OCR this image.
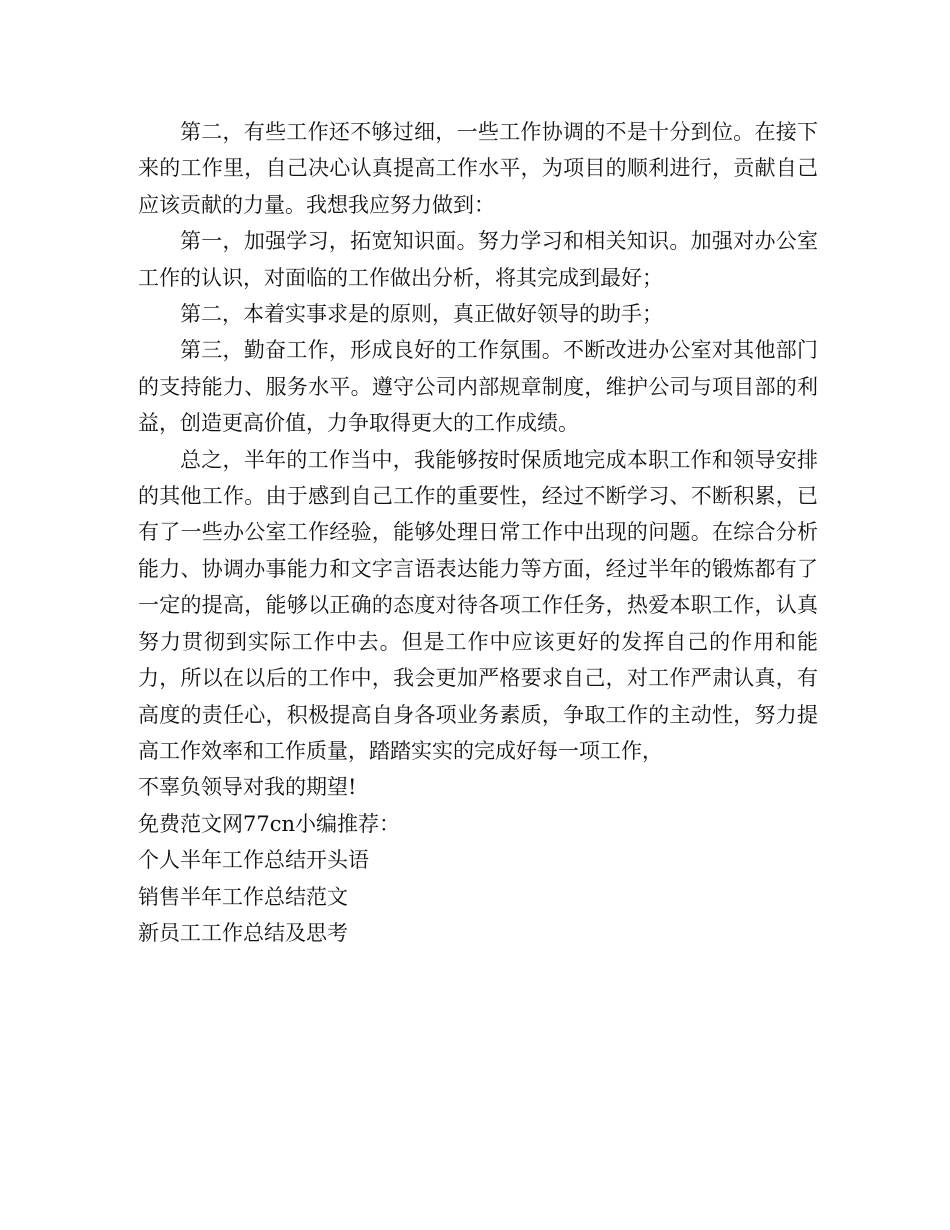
第二，有些工作还不够过细，一些工作协调的不是十分到位。在接下来的工作里，自己决心认真提高工作水平，为项目的顺利进行，贡献自己应该贡献的力量。我想我应努力做到：

第一，加强学习，拓宽知识面。努力学习和相关知识。加强对办公室工作的认识，对面临的工作做出分析，将其完成到最好；

第二，本着实事求是的原则，真正做好领导的助手；

第三，勤奋工作，形成良好的工作氛围。不断改进办公室对其他部门的支持能力、服务水平。遵守公司内部规章制度，维护公司与项目部的利益，创造更高价值，力争取得更大的工作成绩。

总之，半年的工作当中，我能够按时保质地完成本职工作和领导安排的其他工作。由于感到自己工作的重要性，经过不断学习、不断积累，已有了一些办公室工作经验，能够处理日常工作中出现的问题。在综合分析能力、协调办事能力和文字言语表达能力等方面，经过半年的锻炼都有了一定的提高，能够以正确的态度对待各项工作任务，热爱本职工作，认真努力贯彻到实际工作中去。但是工作中应该更好的发挥自己的作用和能力，所以在以后的工作中，我会更加严格要求自己，对工作严肃认真，有高度的责任心，积极提高自身各项业务素质，争取工作的主动性，努力提高工作效率和工作质量，踏踏实实的完成好每一项工作，

不辜负领导对我的期望!

免费范文网77cn小编推荐：

个人半年工作总结开头语

销售半年工作总结范文

新员工工作总结及思考
